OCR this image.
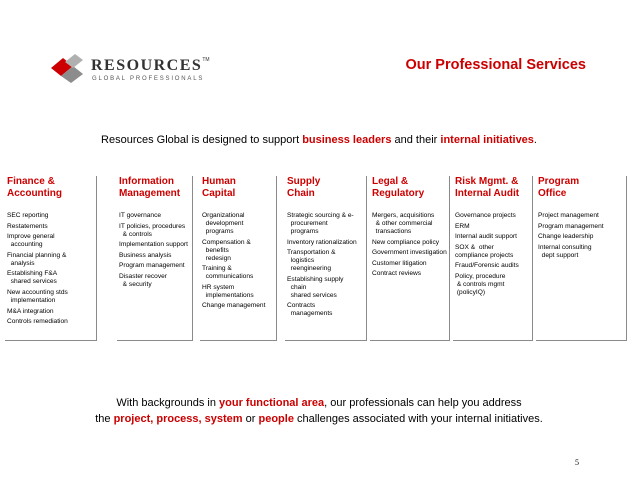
RESOURCES™
GLOBAL PROFESSIONALS
Our Professional Services
Resources Global is designed to support business leaders and their internal initiatives.
Finance &
Accounting
SEC reporting
Restatements
Improve general
accounting
Financial planning &
analysis
Establishing F&A
shared services
New accounting stds
implementation
M&A integration
Controls remediation
Information
Management
IT governance
IT policies, procedures
& controls
Implementation support
Business analysis
Program management
Disaster recover
& security
Human
Capital
Organizational
development
programs
Compensation &
benefits
redesign
Training &
communications
HR system
implementations
Change management
Supply
Chain
Strategic sourcing & e-
procurement
programs
Inventory rationalization
Transportation &
logistics
reengineering
Establishing supply
chain
shared services
Contracts
managements
Legal &
Regulatory
Mergers, acquisitions
& other commercial
transactions
New compliance policy
Government investigation
Customer litigation
Contract reviews
Risk Mgmt. &
Internal Audit
Governance projects
ERM
Internal audit support
SOX &  other
compliance projects
Fraud/Forensic audits
Policy, procedure
& controls mgmt
(policyIQ)
Program
Office
Project management
Program management
Change leadership
Internal consulting
dept support
With backgrounds in your functional area, our professionals can help you address
the project, process, system or people challenges associated with your internal initiatives.
5
